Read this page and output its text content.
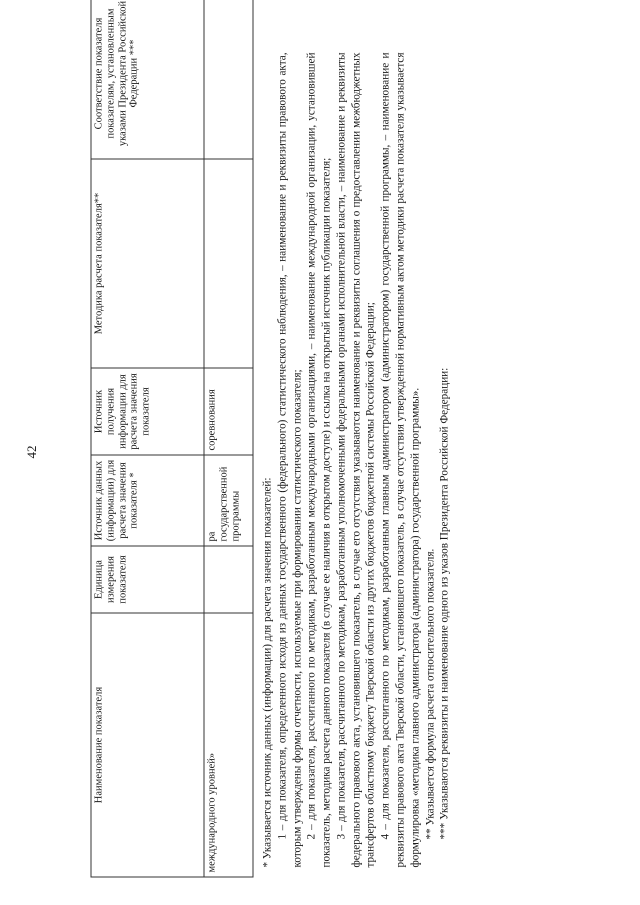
42
Наименование показателя	Единица измерения показателя	Источник данных (информации) для расчета значения показателя *	Источник получения информации для расчета значения показателя	Методика расчета показателя**	Соответствие показателя показателям, установленным указами Президента Российской Федерации ***
международного уровней»		ра государственной программы	соревнования		

* Указывается источник данных (информации) для расчета значения показателей: 1 – для показателя, определенного исходя из данных государственного (федерального) статистического наблюдения, – наименование и реквизиты правового акта, которым утверждены формы отчетности, используемые при формировании статистического показателя; 2 – для показателя, рассчитанного по методикам, разработанным международными организациями, – наименование международной организации, установившей показатель, методика расчета данного показателя (в случае ее наличия в открытом доступе) и ссылка на открытый источник публикации показателя; 3 – для показателя, рассчитанного по методикам, разработанным уполномоченными федеральными органами исполнительной власти, – наименование и реквизиты федерального правового акта, установившего показатель, в случае его отсутствия указываются наименование и реквизиты соглашения о предоставлении межбюджетных трансфертов областному бюджету Тверской области из других бюджетов бюджетной системы Российской Федерации; 4 – для показателя, рассчитанного по методикам, разработанным главным администратором (администратором) государственной программы, – наименование и реквизиты правового акта Тверской области, установившего показатель, в случае отсутствия утвержденной нормативным актом методики расчета показателя указывается формулировка «методика главного администратора (администратора) государственной программы». ** Указывается формула расчета относительного показателя. *** Указываются реквизиты и наименование одного из указов Президента Российской Федерации:
